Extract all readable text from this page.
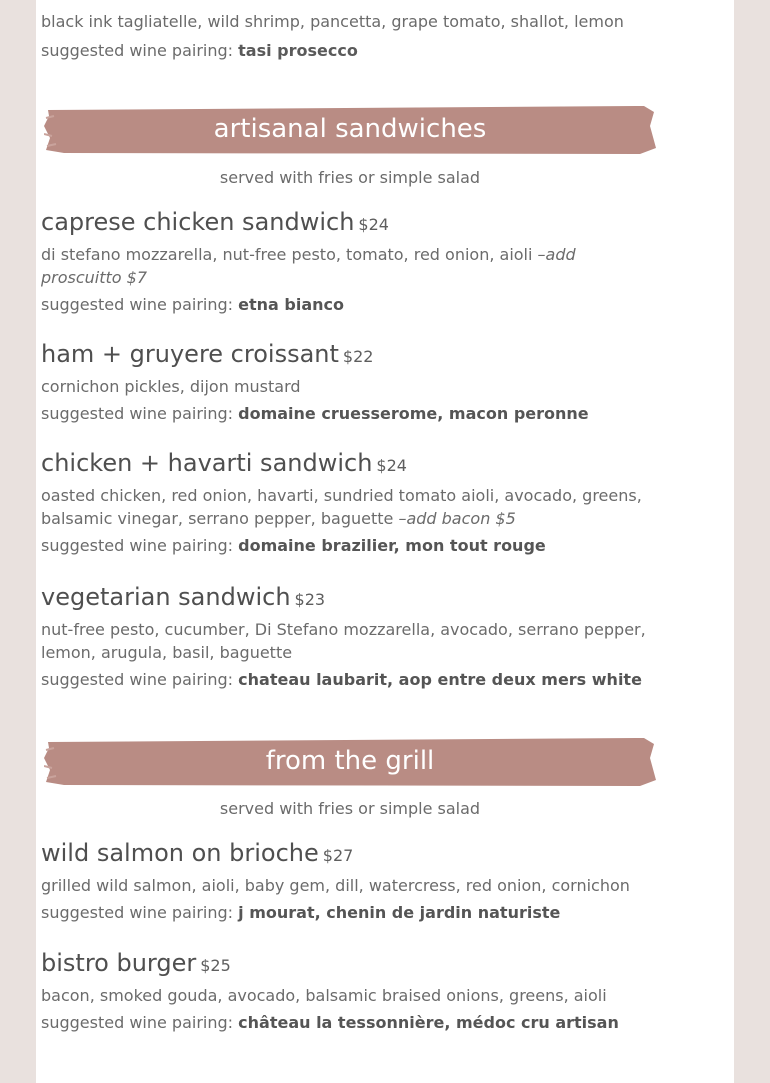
black ink tagliatelle, wild shrimp, pancetta, grape tomato, shallot, lemon
suggested wine pairing: tasi prosecco
artisanal sandwiches
served with fries or simple salad
caprese chicken sandwich $24
di stefano mozzarella, nut-free pesto, tomato, red onion, aioli –add proscuitto $7
suggested wine pairing: etna bianco
ham + gruyere croissant $22
cornichon pickles, dijon mustard
suggested wine pairing: domaine cruesserome, macon peronne
chicken + havarti sandwich $24
oasted chicken, red onion, havarti, sundried tomato aioli, avocado, greens, balsamic vinegar, serrano pepper, baguette –add bacon $5
suggested wine pairing: domaine brazilier, mon tout rouge
vegetarian sandwich $23
nut-free pesto, cucumber, Di Stefano mozzarella, avocado, serrano pepper, lemon, arugula, basil, baguette
suggested wine pairing: chateau laubarit, aop entre deux mers white
from the grill
served with fries or simple salad
wild salmon on brioche $27
grilled wild salmon, aioli, baby gem, dill, watercress, red onion, cornichon
suggested wine pairing: j mourat, chenin de jardin naturiste
bistro burger $25
bacon, smoked gouda, avocado, balsamic braised onions, greens, aioli
suggested wine pairing: château la tessonnière, médoc cru artisan
